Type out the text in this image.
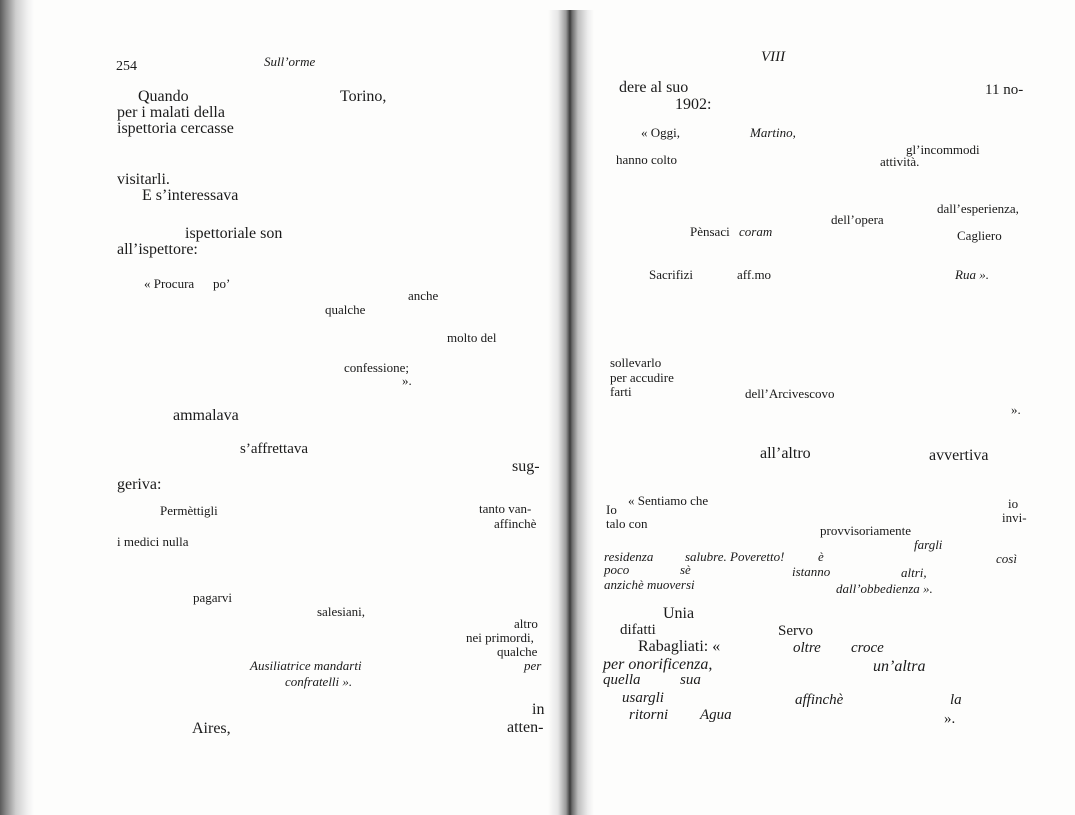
254	Sull’orme
Quando	Torino,
per i malati della
ispettoria cercasse
visitarli.
E s’interessava
ispettoriale son
all’ispettore:
« Procura po’
anche
qualche
molto del
confessione;
».
ammalava
s’affrettava
sug-
geriva:
Permèttigli	tanto van-
affinchè
i medici nulla
pagarvi
salesiani,
altro
nei primordi,
qualche
per
Ausiliatrice mandarti
confratelli ».
in
atten-
Aires,
VIII
dere al suo	11 no-
1902:
« Oggi,	Martino,
gl’incommodi
hanno colto	attività.
dall’esperienza,
dell’opera
Pènsaci coram	Cagliero
Sacrifizi	aff.mo	Rua ».
sollevarlo
per accudire
farti	dell’Arcivescovo
».
all’altro	avvertiva
« Sentiamo che	io
Io
invi-
talo con	provvisoriamente
fargli
residenza salubre. Poveretto!	è	così
poco	sè	istanno	altri,
anzichè muoversi	dall’obbedienza ».
Unia
difatti	Servo
Rabagliati: «	oltre croce
per onorificenza,	un’altra
quella	sua
usargli	affinchè	la
ritorni Agua	».
